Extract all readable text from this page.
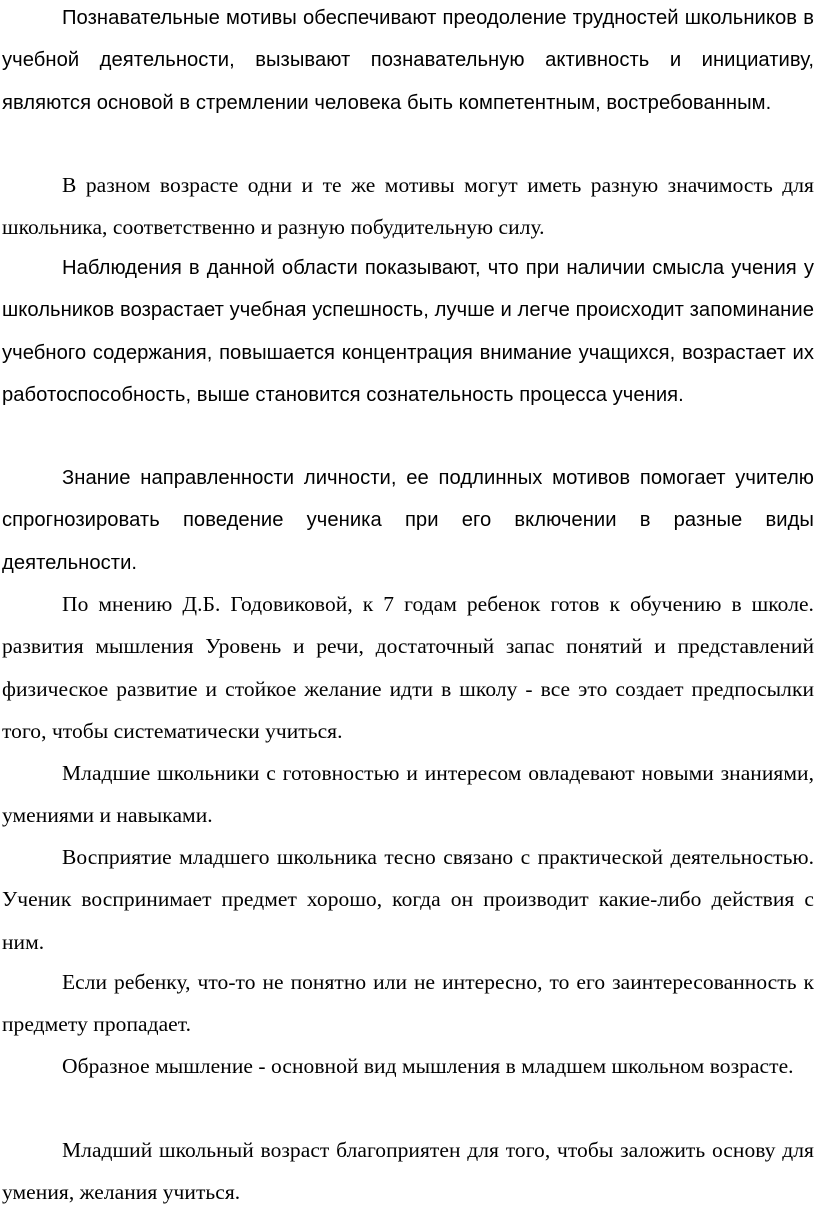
Познавательные мотивы обеспечивают преодоление трудностей школьников в учебной деятельности, вызывают познавательную активность и инициативу, являются основой в стремлении человека быть компетентным, востребованным.

В разном возрасте одни и те же мотивы могут иметь разную значимость для школьника, соответственно и разную побудительную силу.

Наблюдения в данной области показывают, что при наличии смысла учения у школьников возрастает учебная успешность, лучше и легче происходит запоминание учебного содержания, повышается концентрация внимание учащихся, возрастает их работоспособность, выше становится сознательность процесса учения.

Знание направленности личности, ее подлинных мотивов помогает учителю спрогнозировать поведение ученика при его включении в разные виды деятельности.

По мнению Д.Б. Годовиковой, к 7 годам ребенок готов к обучению в школе. развития мышления Уровень и речи, достаточный запас понятий и представлений физическое развитие и стойкое желание идти в школу - все это создает предпосылки того, чтобы систематически учиться.

Младшие школьники с готовностью и интересом овладевают новыми знаниями, умениями и навыками.

Восприятие младшего школьника тесно связано с практической деятельностью. Ученик воспринимает предмет хорошо, когда он производит какие-либо действия с ним.

Если ребенку, что-то не понятно или не интересно, то его заинтересованность к предмету пропадает.

Образное мышление - основной вид мышления в младшем школьном возрасте.

Младший школьный возраст благоприятен для того, чтобы заложить основу для умения, желания учиться.
